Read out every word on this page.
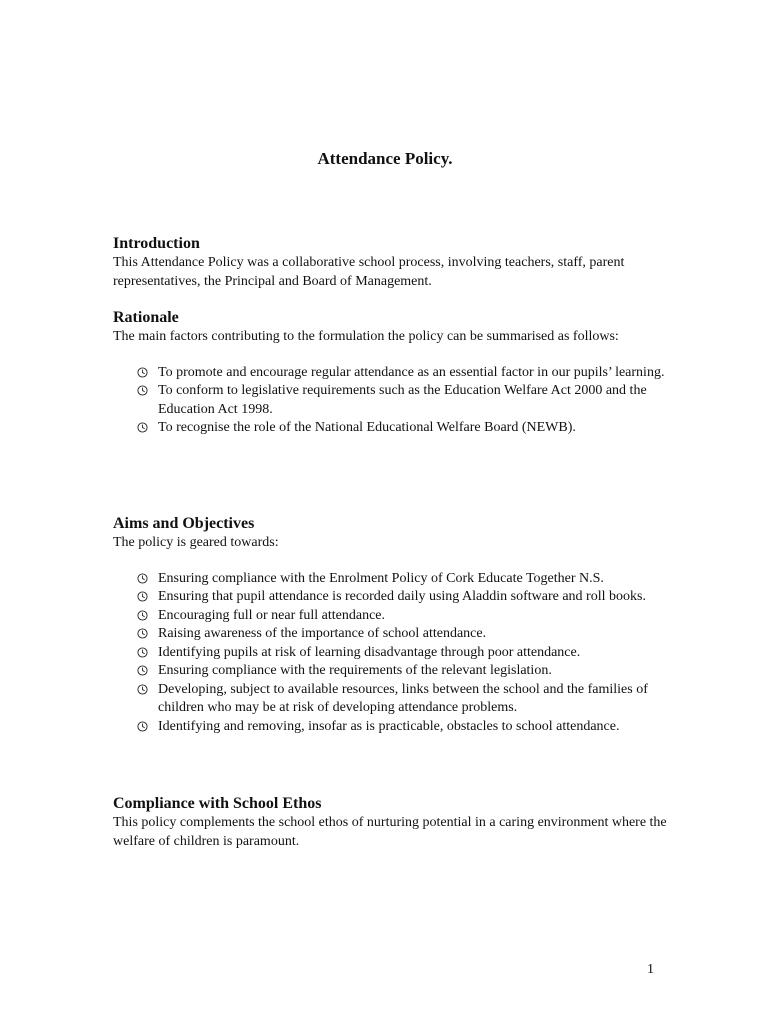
Attendance Policy.
Introduction

This Attendance Policy was a collaborative school process, involving teachers, staff, parent representatives, the Principal and Board of Management.

Rationale

The main factors contributing to the formulation the policy can be summarised as follows:

To promote and encourage regular attendance as an essential factor in our pupils’ learning.
To conform to legislative requirements such as the Education Welfare Act 2000 and the Education Act 1998.
To recognise the role of the National Educational Welfare Board (NEWB).
Aims and Objectives

The policy is geared towards:

Ensuring compliance with the Enrolment Policy of Cork Educate Together N.S.
Ensuring that pupil attendance is recorded daily using Aladdin software and roll books.
Encouraging full or near full attendance.
Raising awareness of the importance of school attendance.
Identifying pupils at risk of learning disadvantage through poor attendance.
Ensuring compliance with the requirements of the relevant legislation.
Developing, subject to available resources, links between the school and the families of children who may be at risk of developing attendance problems.
Identifying and removing, insofar as is practicable, obstacles to school attendance.
Compliance with School Ethos

This policy complements the school ethos of nurturing potential in a caring environment where the welfare of children is paramount.

1
